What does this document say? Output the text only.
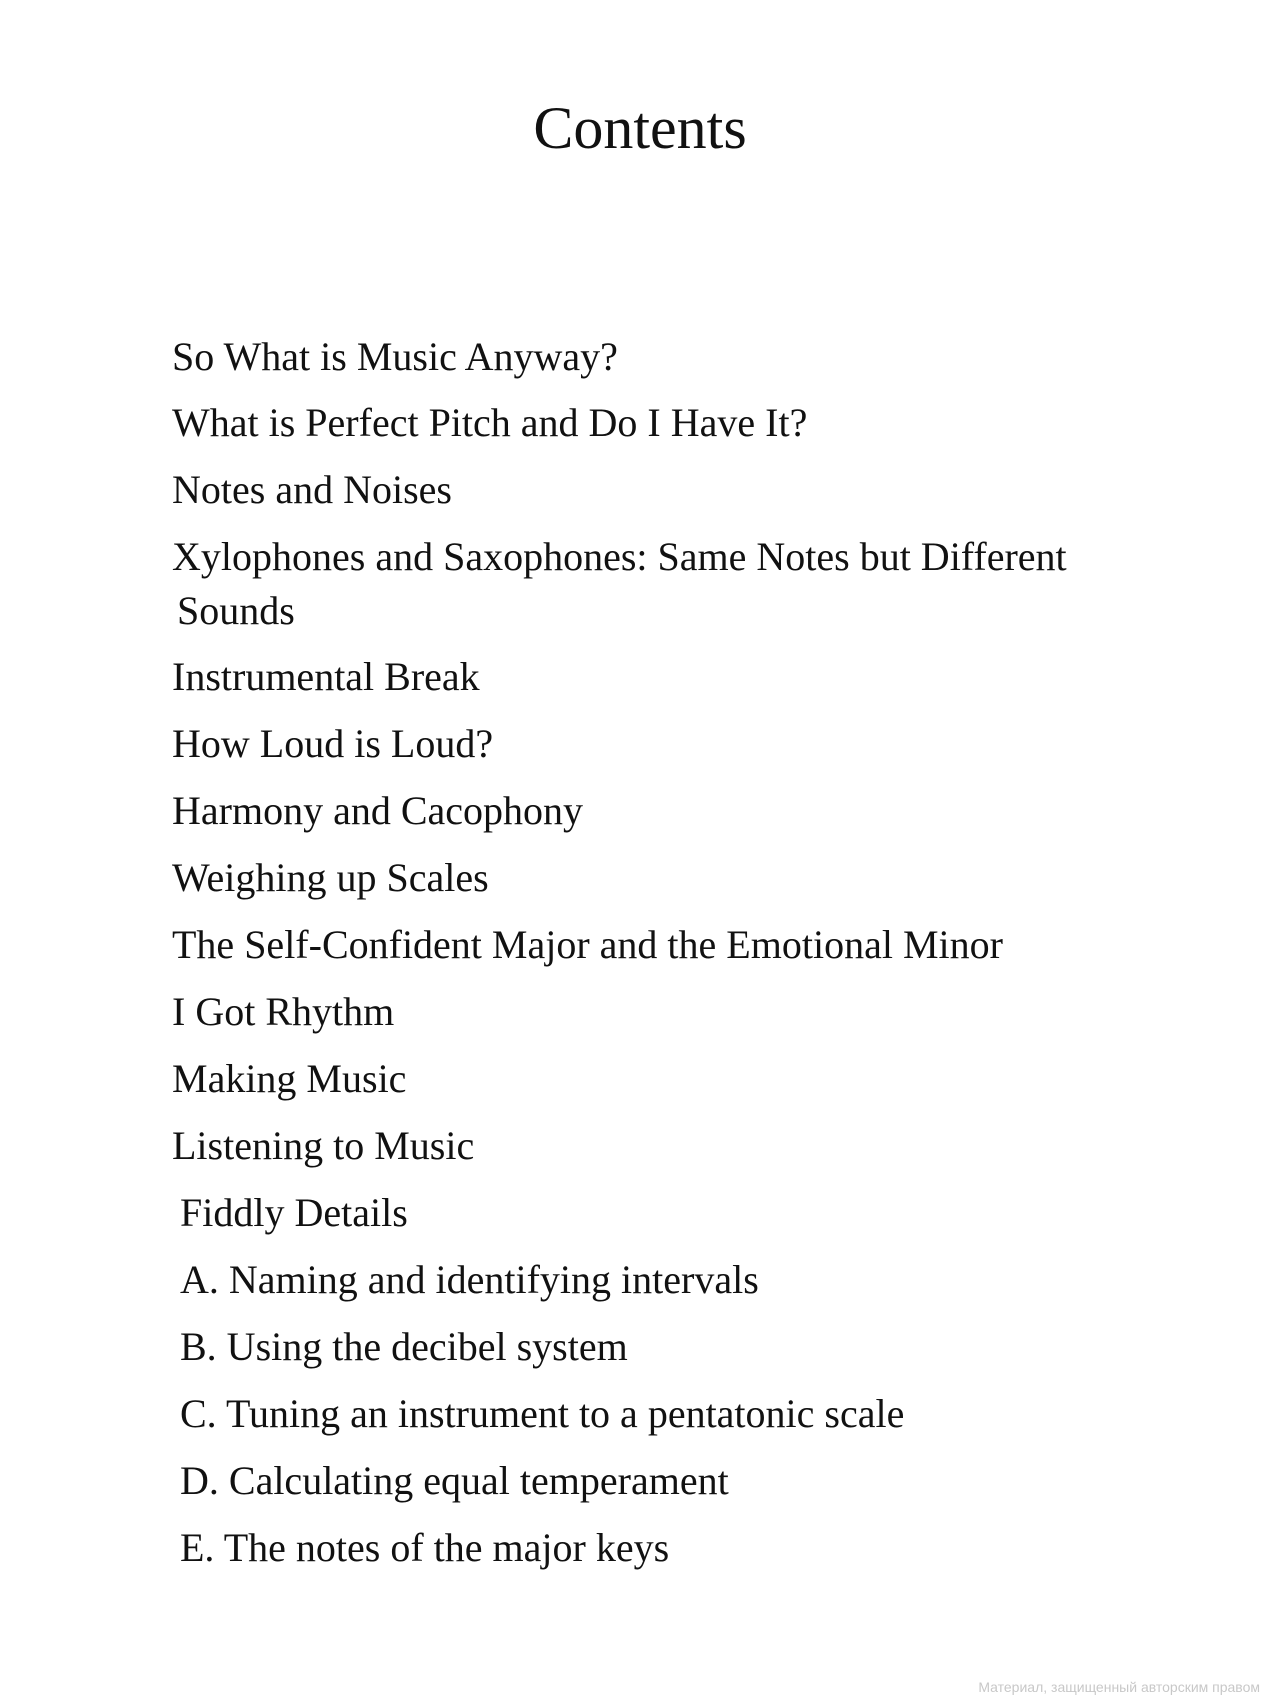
Contents
So What is Music Anyway?
What is Perfect Pitch and Do I Have It?
Notes and Noises
Xylophones and Saxophones: Same Notes but Different
Sounds
Instrumental Break
How Loud is Loud?
Harmony and Cacophony
Weighing up Scales
The Self-Confident Major and the Emotional Minor
I Got Rhythm
Making Music
Listening to Music
Fiddly Details
A. Naming and identifying intervals
B. Using the decibel system
C. Tuning an instrument to a pentatonic scale
D. Calculating equal temperament
E. The notes of the major keys
Материал, защищенный авторским правом
